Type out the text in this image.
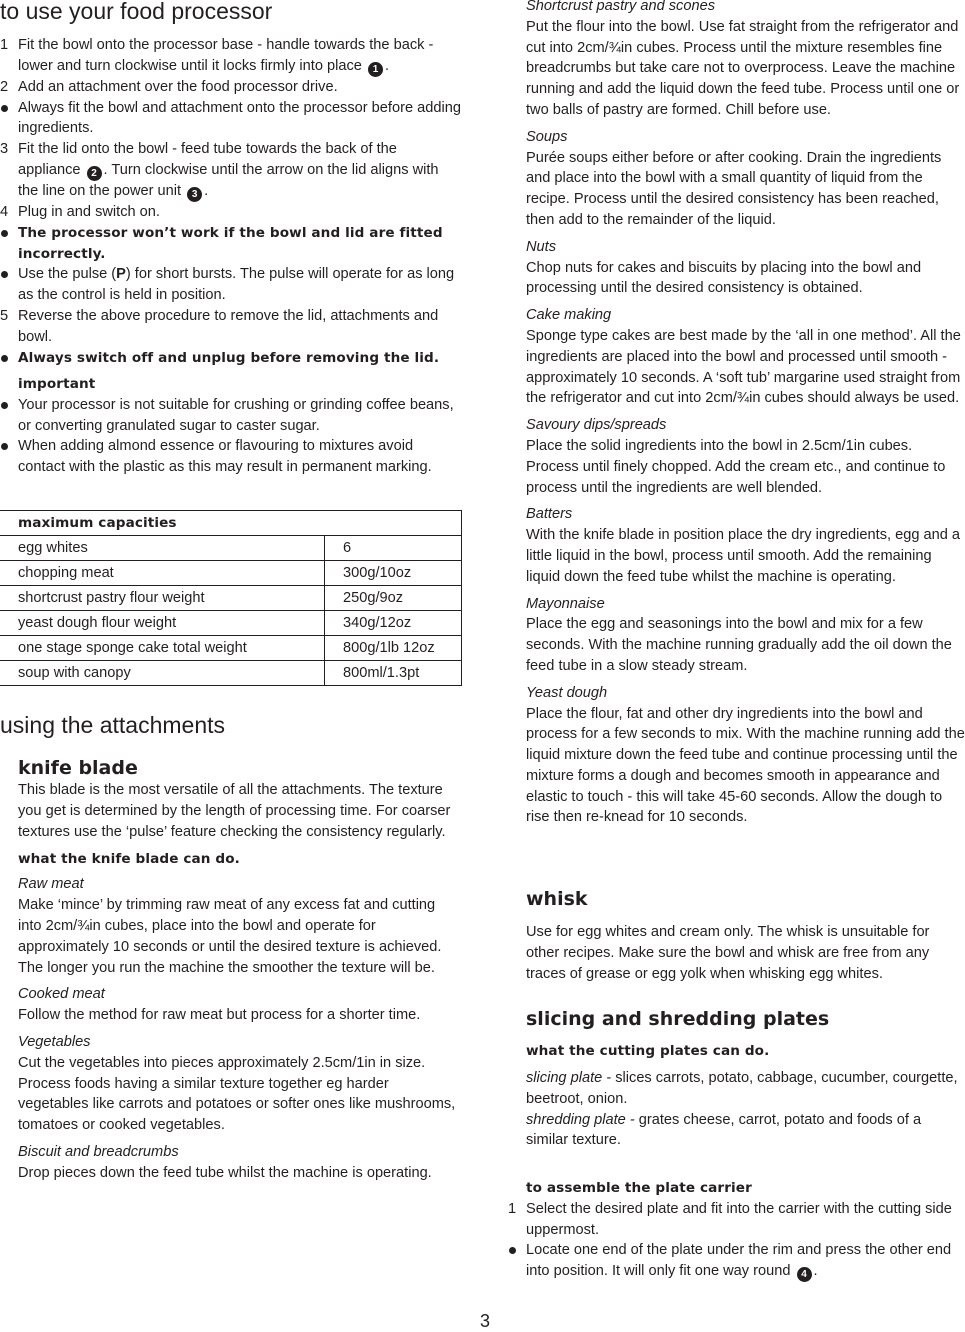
to use your food processor
1 Fit the bowl onto the processor base - handle towards the back - lower and turn clockwise until it locks firmly into place 1 .
2 Add an attachment over the food processor drive.
Always fit the bowl and attachment onto the processor before adding ingredients.
3 Fit the lid onto the bowl - feed tube towards the back of the appliance 2 . Turn clockwise until the arrow on the lid aligns with the line on the power unit 3 .
4 Plug in and switch on.
The processor won’t work if the bowl and lid are fitted incorrectly.
Use the pulse (P) for short bursts. The pulse will operate for as long as the control is held in position.
5 Reverse the above procedure to remove the lid, attachments and bowl.
Always switch off and unplug before removing the lid.
important
Your processor is not suitable for crushing or grinding coffee beans, or converting granulated sugar to caster sugar.
When adding almond essence or flavouring to mixtures avoid contact with the plastic as this may result in permanent marking.
maximum capacities	
egg whites	6
chopping meat	300g/10oz
shortcrust pastry flour weight	250g/9oz
yeast dough flour weight	340g/12oz
one stage sponge cake total weight	800g/1lb 12oz
soup with canopy	800ml/1.3pt
using the attachments
knife blade
This blade is the most versatile of all the attachments. The texture you get is determined by the length of processing time. For coarser textures use the ‘pulse’ feature checking the consistency regularly.
what the knife blade can do.
Raw meat
Make ‘mince’ by trimming raw meat of any excess fat and cutting into 2cm/¾in cubes, place into the bowl and operate for approximately 10 seconds or until the desired texture is achieved. The longer you run the machine the smoother the texture will be.
Cooked meat
Follow the method for raw meat but process for a shorter time.
Vegetables
Cut the vegetables into pieces approximately 2.5cm/1in in size. Process foods having a similar texture together eg harder vegetables like carrots and potatoes or softer ones like mushrooms, tomatoes or cooked vegetables.
Biscuit and breadcrumbs
Drop pieces down the feed tube whilst the machine is operating.
Shortcrust pastry and scones
Put the flour into the bowl. Use fat straight from the refrigerator and cut into 2cm/¾in cubes. Process until the mixture resembles fine breadcrumbs but take care not to overprocess. Leave the machine running and add the liquid down the feed tube. Process until one or two balls of pastry are formed. Chill before use.
Soups
Purée soups either before or after cooking. Drain the ingredients and place into the bowl with a small quantity of liquid from the recipe. Process until the desired consistency has been reached, then add to the remainder of the liquid.
Nuts
Chop nuts for cakes and biscuits by placing into the bowl and processing until the desired consistency is obtained.
Cake making
Sponge type cakes are best made by the ‘all in one method’. All the ingredients are placed into the bowl and processed until smooth - approximately 10 seconds. A ‘soft tub’ margarine used straight from the refrigerator and cut into 2cm/¾in cubes should always be used.
Savoury dips/spreads
Place the solid ingredients into the bowl in 2.5cm/1in cubes. Process until finely chopped. Add the cream etc., and continue to process until the ingredients are well blended.
Batters
With the knife blade in position place the dry ingredients, egg and a little liquid in the bowl, process until smooth. Add the remaining liquid down the feed tube whilst the machine is operating.
Mayonnaise
Place the egg and seasonings into the bowl and mix for a few seconds. With the machine running gradually add the oil down the feed tube in a slow steady stream.
Yeast dough
Place the flour, fat and other dry ingredients into the bowl and process for a few seconds to mix. With the machine running add the liquid mixture down the feed tube and continue processing until the mixture forms a dough and becomes smooth in appearance and elastic to touch - this will take 45-60 seconds. Allow the dough to rise then re-knead for 10 seconds.
whisk
Use for egg whites and cream only. The whisk is unsuitable for other recipes. Make sure the bowl and whisk are free from any traces of grease or egg yolk when whisking egg whites.
slicing and shredding plates
what the cutting plates can do.
slicing plate - slices carrots, potato, cabbage, cucumber, courgette, beetroot, onion.
shredding plate - grates cheese, carrot, potato and foods of a similar texture.
to assemble the plate carrier
1 Select the desired plate and fit into the carrier with the cutting side uppermost.
Locate one end of the plate under the rim and press the other end into position. It will only fit one way round 4 .
3
